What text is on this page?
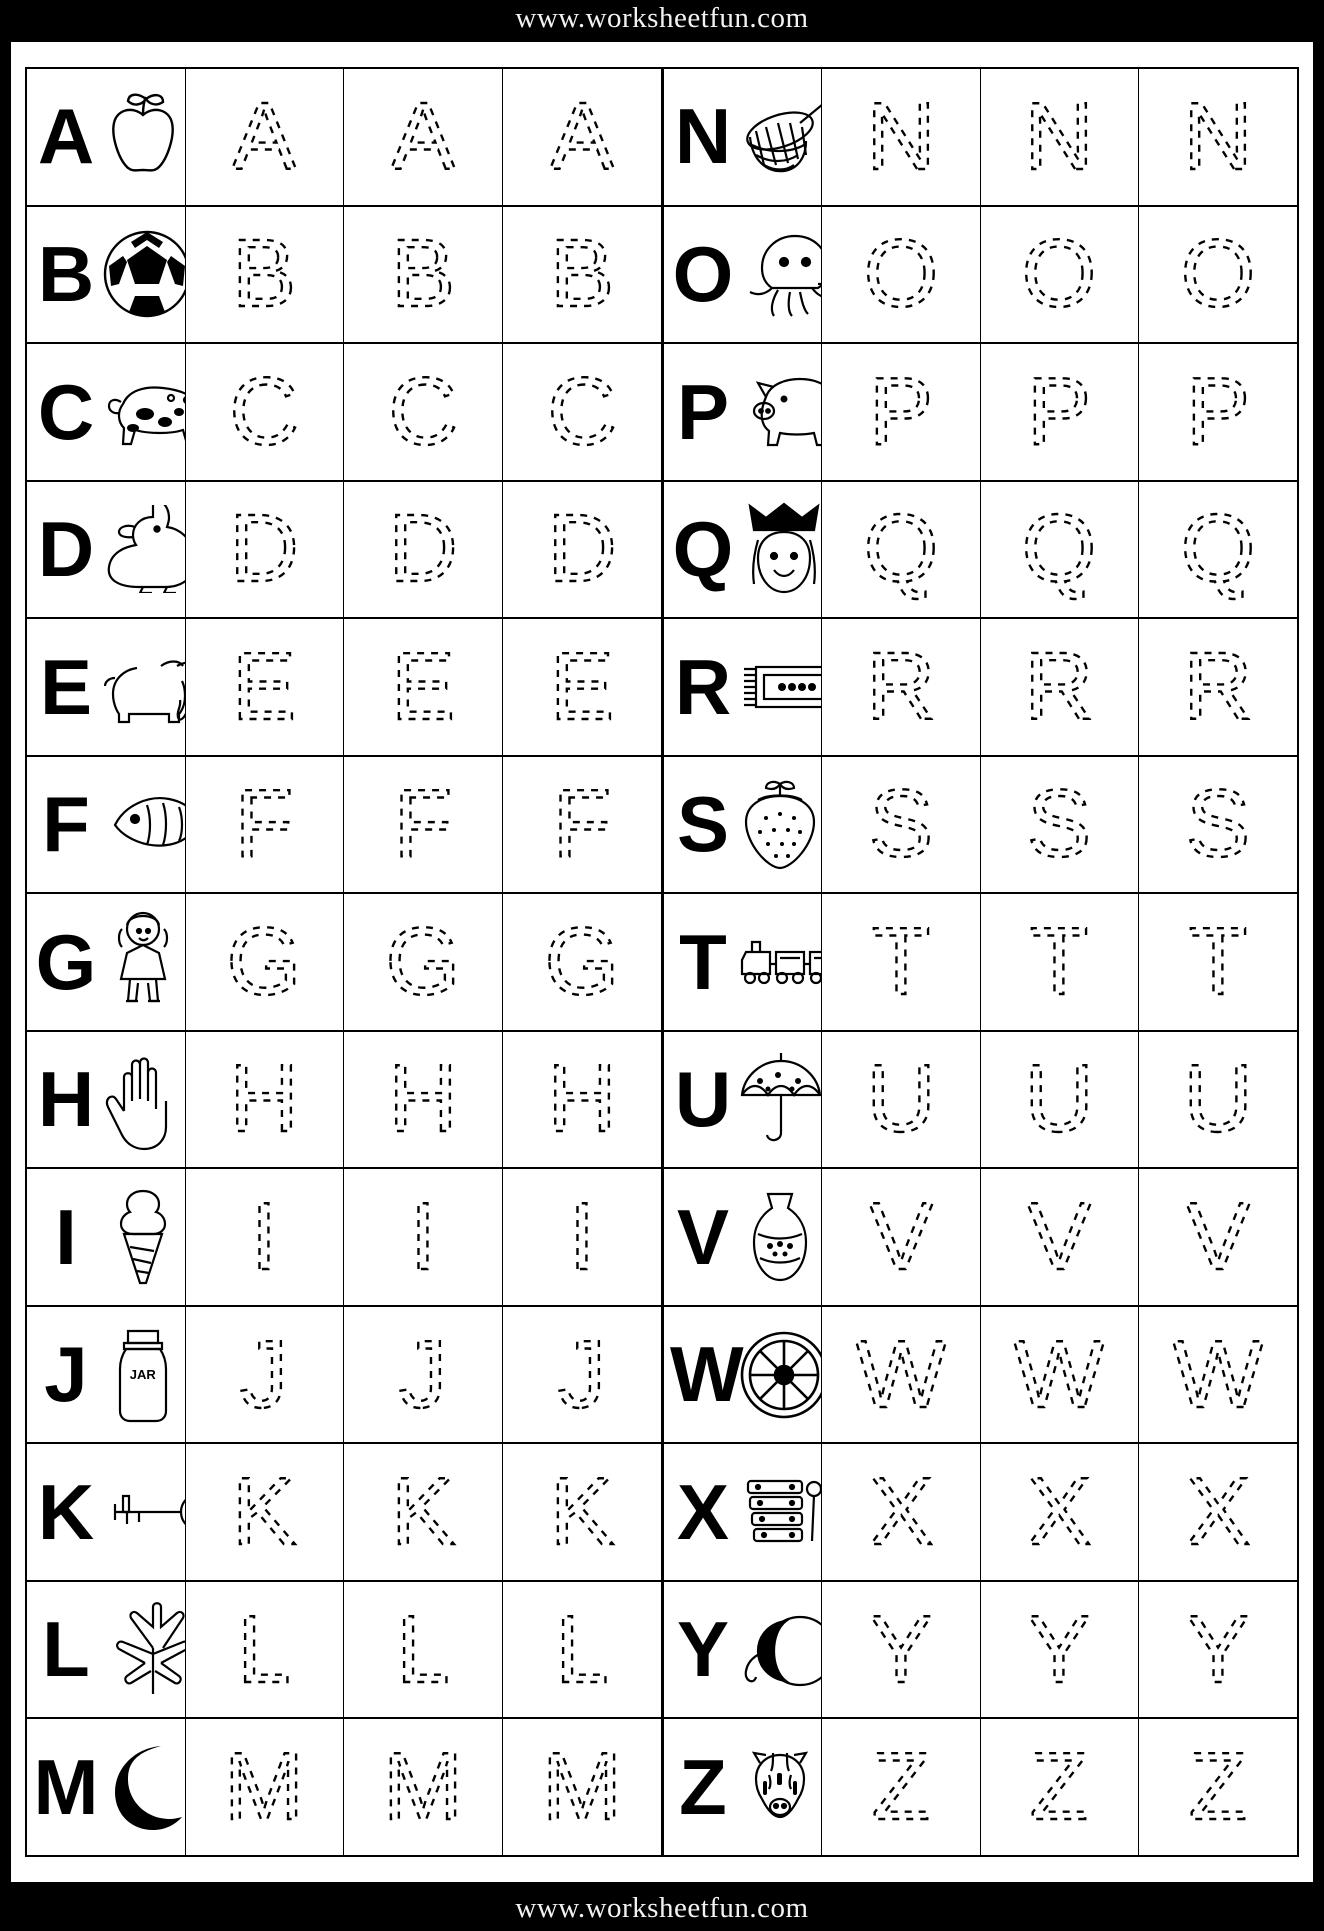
www.worksheetfun.com
www.worksheetfun.com
A A A A
B B B B
C C C C
D D D D
E E E E
F F F F
G G G G
H H H H
I I I I
J	JAR J J J
K K K K
L L L L
M M M M
N N N N
O O O O
P P P P
Q Q Q Q
R R R R
S S S S
T T T T
U U U U
V V V V
W W W W
X X X X
Y Y Y Y
Z Z Z Z
